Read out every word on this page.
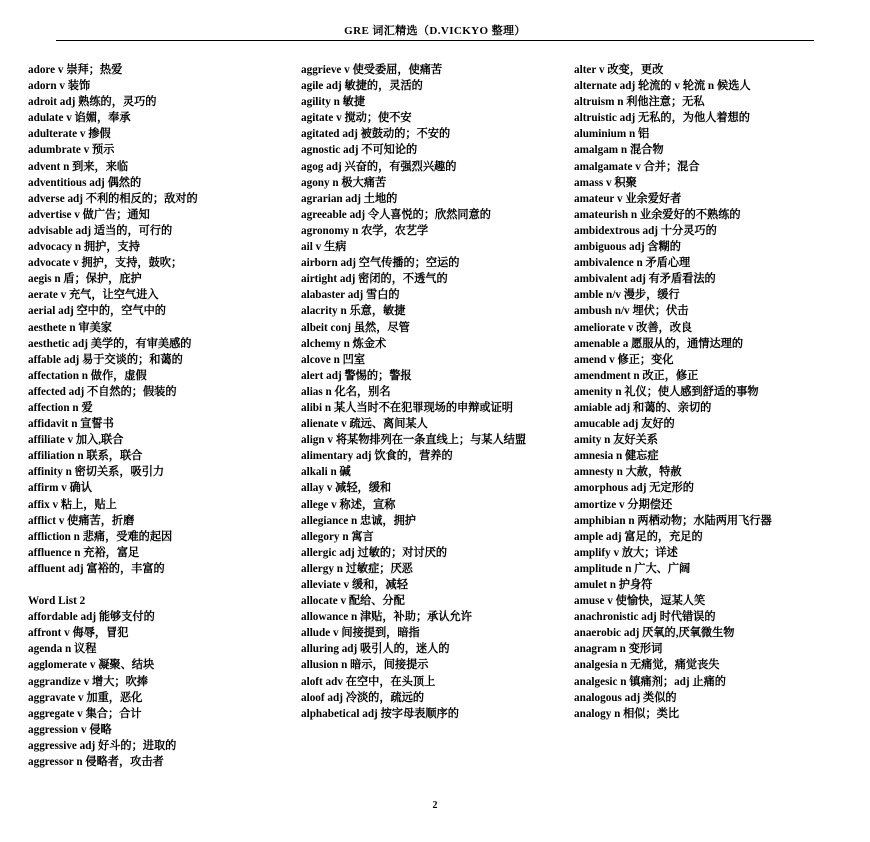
GRE 词汇精选（D.VICKYO 整理）
adore v 崇拜；热爱
adorn v 装饰
adroit adj 熟练的，灵巧的
adulate v 谄媚，奉承
adulterate v 掺假
adumbrate v 预示
advent n 到来，来临
adventitious adj 偶然的
adverse adj 不利的相反的；敌对的
advertise v 做广告；通知
advisable adj 适当的，可行的
advocacy n 拥护，支持
advocate v 拥护，支持，鼓吹；
aegis n 盾；保护，庇护
aerate v 充气，让空气进入
aerial adj 空中的，空气中的
aesthete n 审美家
aesthetic adj 美学的，有审美感的
affable adj 易于交谈的；和蔼的
affectation n 做作，虚假
affected adj 不自然的；假装的
affection n 爱
affidavit n 宣誓书
affiliate v 加入,联合
affiliation n 联系，联合
affinity n 密切关系，吸引力
affirm v 确认
affix v 粘上，贴上
afflict v 使痛苦，折磨
affliction n 悲痛，受难的起因
affluence n 充裕，富足
affluent adj 富裕的，丰富的
Word List 2
affordable adj 能够支付的
affront v 侮辱，冒犯
agenda n 议程
agglomerate v 凝聚、结块
aggrandize v 增大；吹捧
aggravate v 加重，恶化
aggregate v 集合；合计
aggression v 侵略
aggressive adj 好斗的；进取的
aggressor n 侵略者，攻击者
aggrieve v 使受委屈，使痛苦
agile adj 敏捷的，灵活的
agility n 敏捷
agitate v 搅动；使不安
agitated adj 被鼓动的；不安的
agnostic adj 不可知论的
agog adj 兴奋的，有强烈兴趣的
agony n 极大痛苦
agrarian adj 土地的
agreeable adj 令人喜悦的；欣然同意的
agronomy n 农学，农艺学
ail v 生病
airborn adj 空气传播的；空运的
airtight adj 密闭的，不透气的
alabaster adj 雪白的
alacrity n 乐意，敏捷
albeit conj 虽然，尽管
alchemy n 炼金术
alcove n 凹室
alert adj 警惕的；警报
alias n 化名，别名
alibi n 某人当时不在犯罪现场的申辩或证明
alienate v 疏远、离间某人
align v 将某物排列在一条直线上；与某人结盟
alimentary adj 饮食的，营养的
alkali n 碱
allay v 减轻，缓和
allege v 称述，宣称
allegiance n 忠诚，拥护
allegory n 寓言
allergic adj 过敏的；对讨厌的
allergy n 过敏症；厌恶
alleviate v 缓和，减轻
allocate v 配给、分配
allowance n 津贴，补助；承认允许
allude v 间接提到，暗指
alluring adj 吸引人的，迷人的
allusion n 暗示，间接提示
aloft adv 在空中，在头顶上
aloof adj 冷淡的，疏远的
alphabetical adj 按字母表顺序的
alter v 改变，更改
alternate adj 轮流的 v 轮流 n 候选人
altruism n 利他注意；无私
altruistic adj 无私的，为他人着想的
aluminium n 铝
amalgam n 混合物
amalgamate v 合并；混合
amass v 积聚
amateur v 业余爱好者
amateurish n 业余爱好的不熟练的
ambidextrous adj 十分灵巧的
ambiguous adj 含糊的
ambivalence n 矛盾心理
ambivalent adj 有矛盾看法的
amble n/v 漫步，缓行
ambush n/v 埋伏；伏击
ameliorate v 改善，改良
amenable a 愿服从的，通情达理的
amend v 修正；变化
amendment n 改正，修正
amenity n 礼仪；使人感到舒适的事物
amiable adj 和蔼的、亲切的
amucable adj 友好的
amity n 友好关系
amnesia n 健忘症
amnesty n 大赦，特赦
amorphous adj 无定形的
amortize v 分期偿还
amphibian n 两栖动物；水陆两用飞行器
ample adj 富足的，充足的
amplify v 放大；详述
amplitude n 广大、广阔
amulet n 护身符
amuse v 使愉快，逗某人笑
anachronistic adj 时代错误的
anaerobic adj 厌氧的,厌氧微生物
anagram n 变形词
analgesia n 无痛觉，痛觉丧失
analgesic n 镇痛剂；adj 止痛的
analogous adj 类似的
analogy n 相似；类比
2
